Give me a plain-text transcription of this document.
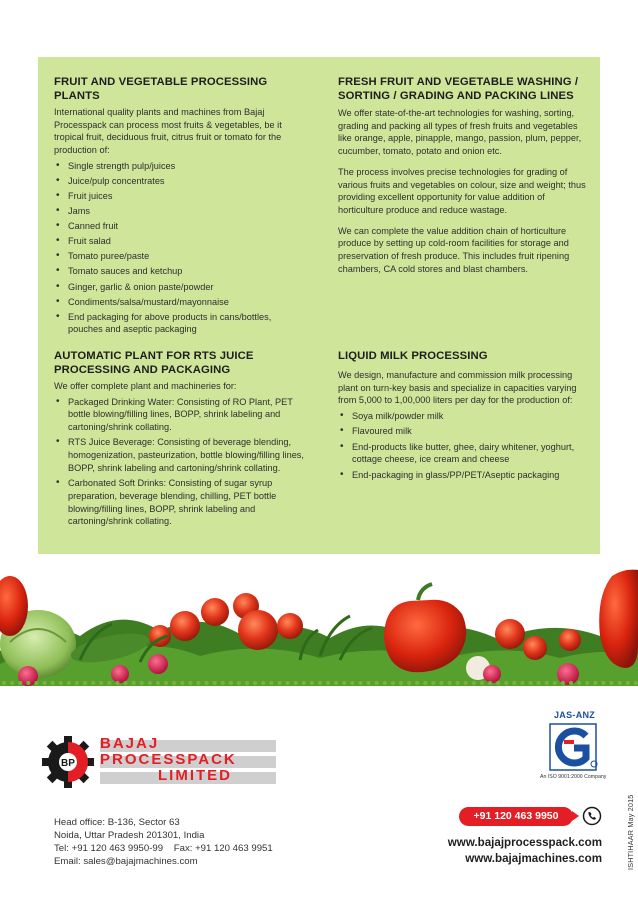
FRUIT AND VEGETABLE PROCESSING PLANTS

International quality plants and machines from Bajaj Processpack can process most fruits & vegetables, be it tropical fruit, deciduous fruit, citrus fruit or tomato for the production of:

• Single strength pulp/juices
• Juice/pulp concentrates
• Fruit juices
• Jams
• Canned fruit
• Fruit salad
• Tomato puree/paste
• Tomato sauces and ketchup
• Ginger, garlic & onion paste/powder
• Condiments/salsa/mustard/mayonnaise
• End packaging for above products in cans/bottles, pouches and aseptic packaging
AUTOMATIC PLANT FOR RTS JUICE
PROCESSING AND PACKAGING

We offer complete plant and machineries for:

• Packaged Drinking Water: Consisting of RO Plant, PET bottle blowing/filling lines, BOPP, shrink labeling and cartoning/shrink collating.
• RTS Juice Beverage: Consisting of beverage blending, homogenization, pasteurization, bottle blowing/filling lines, BOPP, shrink labeling and cartoning/shrink collating.
• Carbonated Soft Drinks: Consisting of sugar syrup preparation, beverage blending, chilling, PET bottle blowing/filling lines, BOPP, shrink labeling and cartoning/shrink collating.
FRESH FRUIT AND VEGETABLE WASHING /
SORTING / GRADING AND PACKING LINES

We offer state-of-the-art technologies for washing, sorting, grading and packing all types of fresh fruits and vegetables like orange, apple, pinapple, mango, passion, plum, pepper, cucumber, tomato, potato and onion etc.

The process involves precise technologies for grading of various fruits and vegetables on colour, size and weight; thus providing excellent opportunity for value addition of horticulture produce and reduce wastage.

We can complete the value addition chain of horticulture produce by setting up cold-room facilities for storage and preservation of fresh produce. This includes fruit ripening chambers, CA cold stores and blast chambers.

LIQUID MILK PROCESSING

We design, manufacture and commission milk processing plant on turn-key basis and specialize in capacities varying from 5,000 to 1,00,000 liters per day for the production of:

• Soya milk/powder milk
• Flavoured milk
• End-products like butter, ghee, dairy whitener, yoghurt, cottage cheese, ice cream and cheese
• End-packaging in glass/PP/PET/Aseptic packaging
BP
BAJAJ
PROCESSPACK
LIMITED
JAS-ANZ
An ISO 9001:2000 Company
ISHTIHAAR May 2015
Head office: B-136, Sector 63
Noida, Uttar Pradesh 201301, India
Tel: +91 120 463 9950-99    Fax: +91 120 463 9951
Email: sales@bajajmachines.com
+91 120 463 9950
www.bajajprocesspack.com
www.bajajmachines.com
